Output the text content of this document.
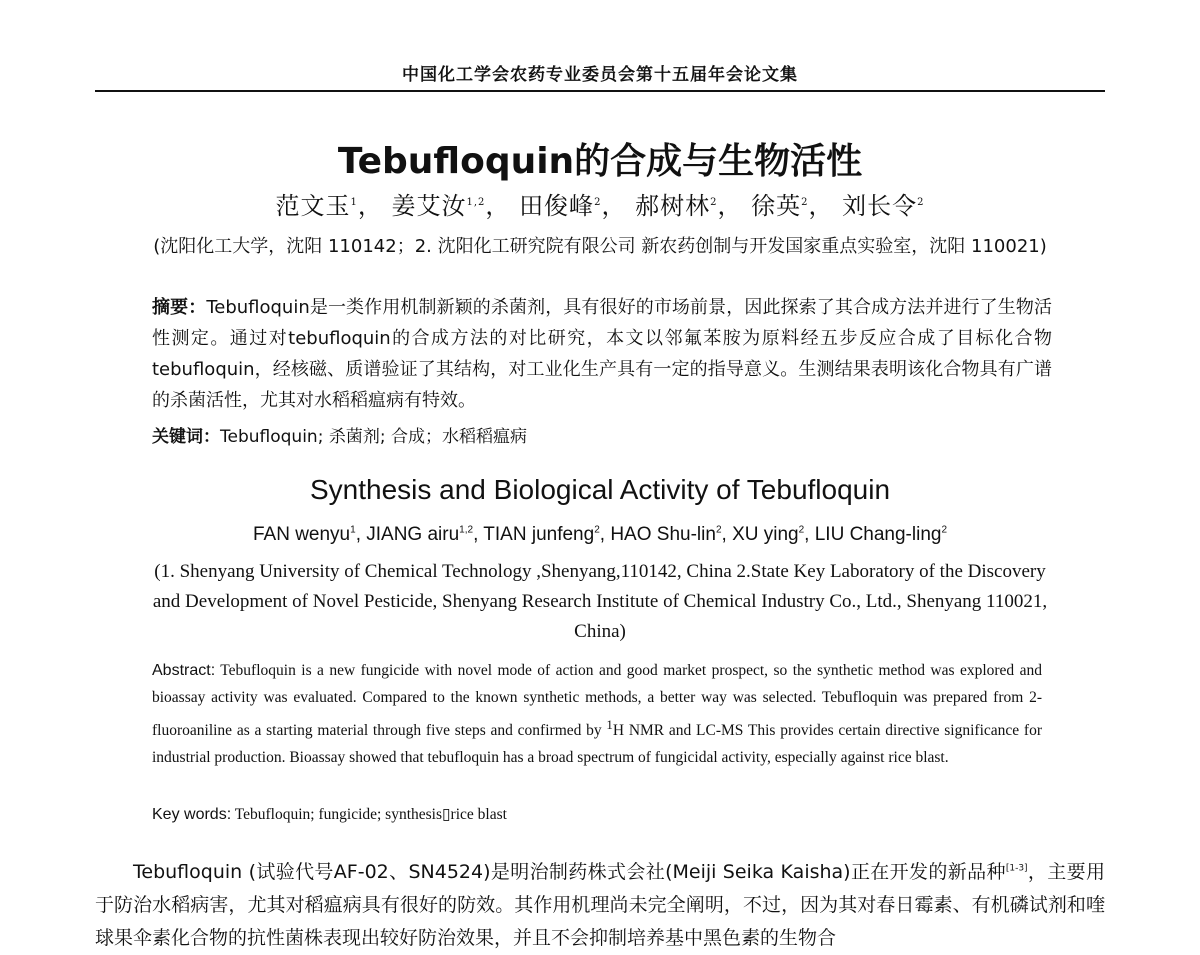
中国化工学会农药专业委员会第十五届年会论文集
Tebufloquin的合成与生物活性
范文玉$^1$， 姜艾汝$^{1,2}$， 田俊峰$^2$， 郝树林$^2$， 徐英$^2$， 刘长令$^2$
(沈阳化工大学，沈阳 110142；2. 沈阳化工研究院有限公司 新农药创制与开发国家重点实验室，沈阳 110021)
摘要：Tebufloquin是一类作用机制新颖的杀菌剂，具有很好的市场前景，因此探索了其合成方法并进行了生物活性测定。通过对tebufloquin的合成方法的对比研究，本文以邻氟苯胺为原料经五步反应合成了目标化合物tebufloquin，经核磁、质谱验证了其结构，对工业化生产具有一定的指导意义。生测结果表明该化合物具有广谱的杀菌活性，尤其对水稻稻瘟病有特效。
关键词：Tebufloquin; 杀菌剂; 合成；水稻稻瘟病
Synthesis and Biological Activity of Tebufloquin
FAN wenyu$^1$, JIANG airu$^{1,2}$, TIAN junfeng$^2$, HAO Shu-lin$^2$, XU ying$^2$, LIU Chang-ling$^2$
(1. Shenyang University of Chemical Technology ,Shenyang,110142, China 2.State Key Laboratory of the Discovery and Development of Novel Pesticide, Shenyang Research Institute of Chemical Industry Co., Ltd., Shenyang 110021, China)
Abstract: Tebufloquin is a new fungicide with novel mode of action and good market prospect, so the synthetic method was explored and bioassay activity was evaluated. Compared to the known synthetic methods, a better way was selected. Tebufloquin was prepared from 2-fluoroaniline as a starting material through five steps and confirmed by $^1$H NMR and LC-MS This provides certain directive significance for industrial production. Bioassay showed that tebufloquin has a broad spectrum of fungicidal activity, especially against rice blast.
Key words: Tebufloquin; fungicide; synthesis▯rice blast
Tebufloquin (试验代号AF-02、SN4524)是明治制药株式会社(Meiji Seika Kaisha)正在开发的新品种[1-3]，主要用于防治水稻病害，尤其对稻瘟病具有很好的防效。其作用机理尚未完全阐明，不过，因为其对春日霉素、有机磷试剂和喹球果伞素化合物的抗性菌株表现出较好防治效果，并且不会抑制培养基中黑色素的生物合
